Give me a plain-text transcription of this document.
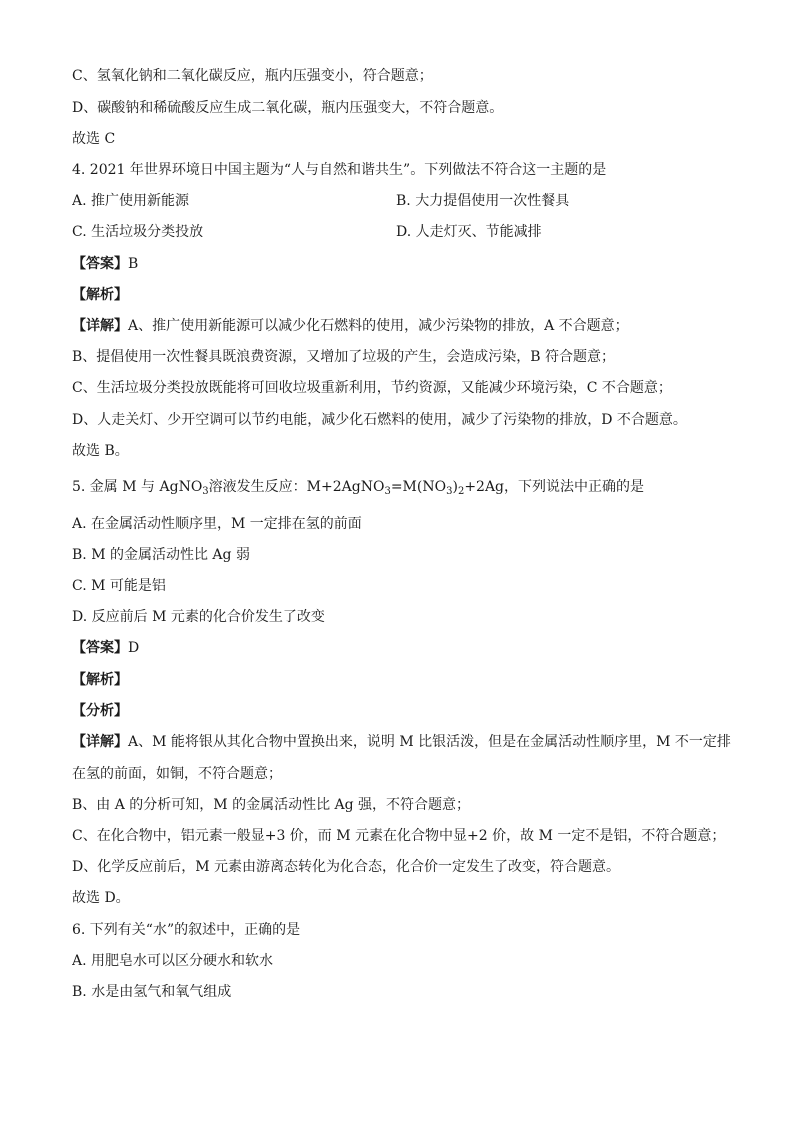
C、氢氧化钠和二氧化碳反应，瓶内压强变小，符合题意；
D、碳酸钠和稀硫酸反应生成二氧化碳，瓶内压强变大，不符合题意。
故选 C
4. 2021 年世界环境日中国主题为“人与自然和谐共生”。下列做法不符合这一主题的是
A. 推广使用新能源	B. 大力提倡使用一次性餐具
C. 生活垃圾分类投放	D. 人走灯灭、节能减排
【答案】B
【解析】
【详解】A、推广使用新能源可以减少化石燃料的使用，减少污染物的排放，A 不合题意；
B、提倡使用一次性餐具既浪费资源，又增加了垃圾的产生，会造成污染，B 符合题意；
C、生活垃圾分类投放既能将可回收垃圾重新利用，节约资源，又能减少环境污染，C 不合题意；
D、人走关灯、少开空调可以节约电能，减少化石燃料的使用，减少了污染物的排放，D 不合题意。
故选 B。
5. 金属 M 与 AgNO$_3$溶液发生反应：$M+2AgNO_3=M(NO_3)_2+2Ag$，下列说法中正确的是
A. 在金属活动性顺序里，M 一定排在氢的前面
B. M 的金属活动性比 Ag 弱
C. M 可能是铝
D. 反应前后 M 元素的化合价发生了改变
【答案】D
【解析】
【分析】
【详解】A、M 能将银从其化合物中置换出来，说明 M 比银活泼，但是在金属活动性顺序里，M 不一定排
在氢的前面，如铜，不符合题意；
B、由 A 的分析可知，M 的金属活动性比 Ag 强，不符合题意；
C、在化合物中，铝元素一般显+3 价，而 M 元素在化合物中显+2 价，故 M 一定不是铝，不符合题意；
D、化学反应前后，M 元素由游离态转化为化合态，化合价一定发生了改变，符合题意。
故选 D。
6. 下列有关“水”的叙述中，正确的是
A. 用肥皂水可以区分硬水和软水
B. 水是由氢气和氧气组成
